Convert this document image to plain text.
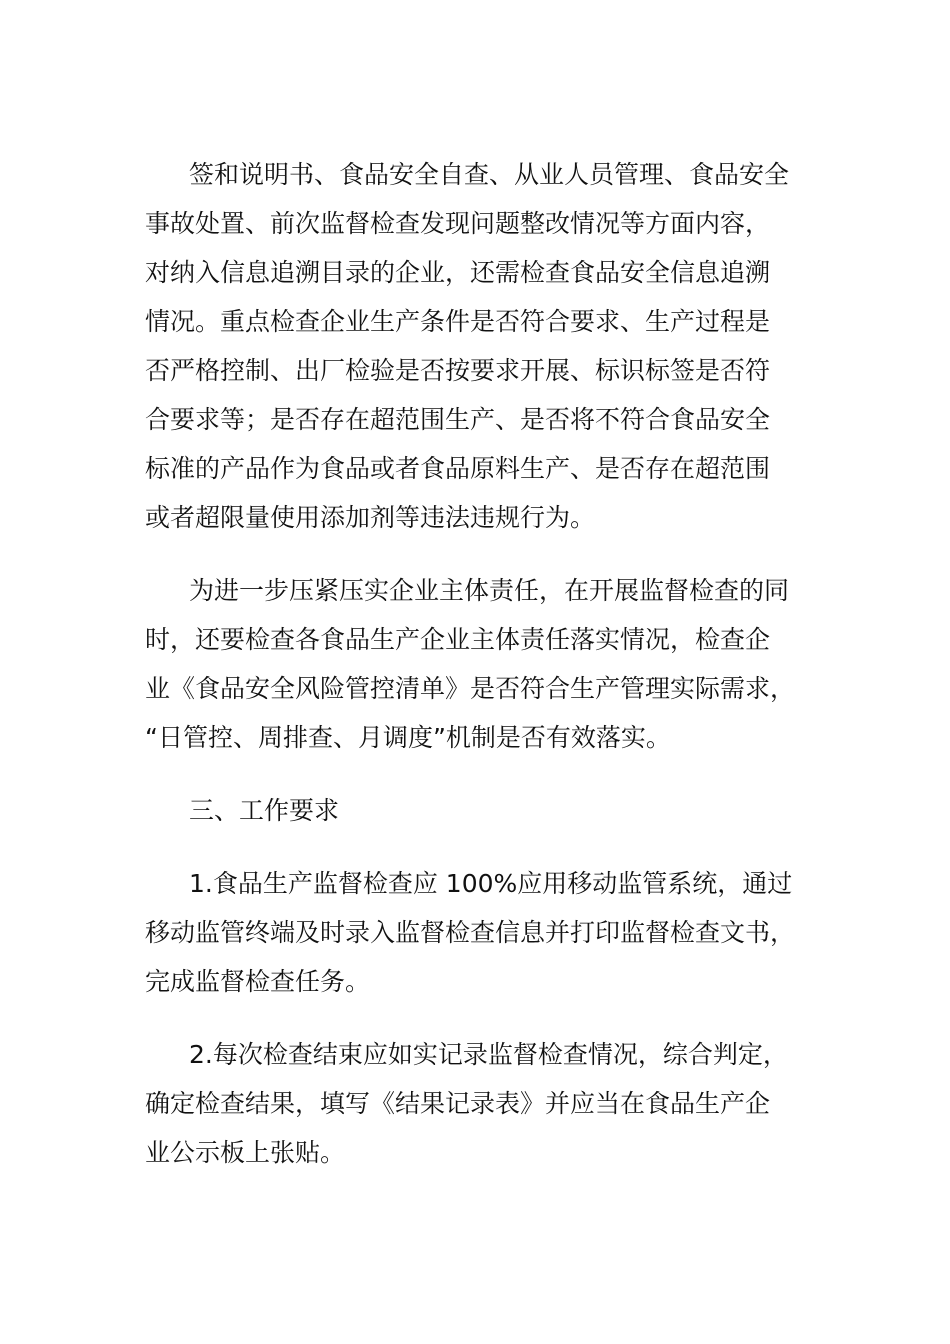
签和说明书、食品安全自查、从业人员管理、食品安全
事故处置、前次监督检查发现问题整改情况等方面内容，
对纳入信息追溯目录的企业，还需检查食品安全信息追溯
情况。重点检查企业生产条件是否符合要求、生产过程是
否严格控制、出厂检验是否按要求开展、标识标签是否符
合要求等；是否存在超范围生产、是否将不符合食品安全
标准的产品作为食品或者食品原料生产、是否存在超范围
或者超限量使用添加剂等违法违规行为。
为进一步压紧压实企业主体责任，在开展监督检查的同
时，还要检查各食品生产企业主体责任落实情况，检查企
业《食品安全风险管控清单》是否符合生产管理实际需求，
“日管控、周排查、月调度”机制是否有效落实。
三、工作要求
1.食品生产监督检查应 100%应用移动监管系统，通过
移动监管终端及时录入监督检查信息并打印监督检查文书，
完成监督检查任务。
2.每次检查结束应如实记录监督检查情况，综合判定，
确定检查结果，填写《结果记录表》并应当在食品生产企
业公示板上张贴。
